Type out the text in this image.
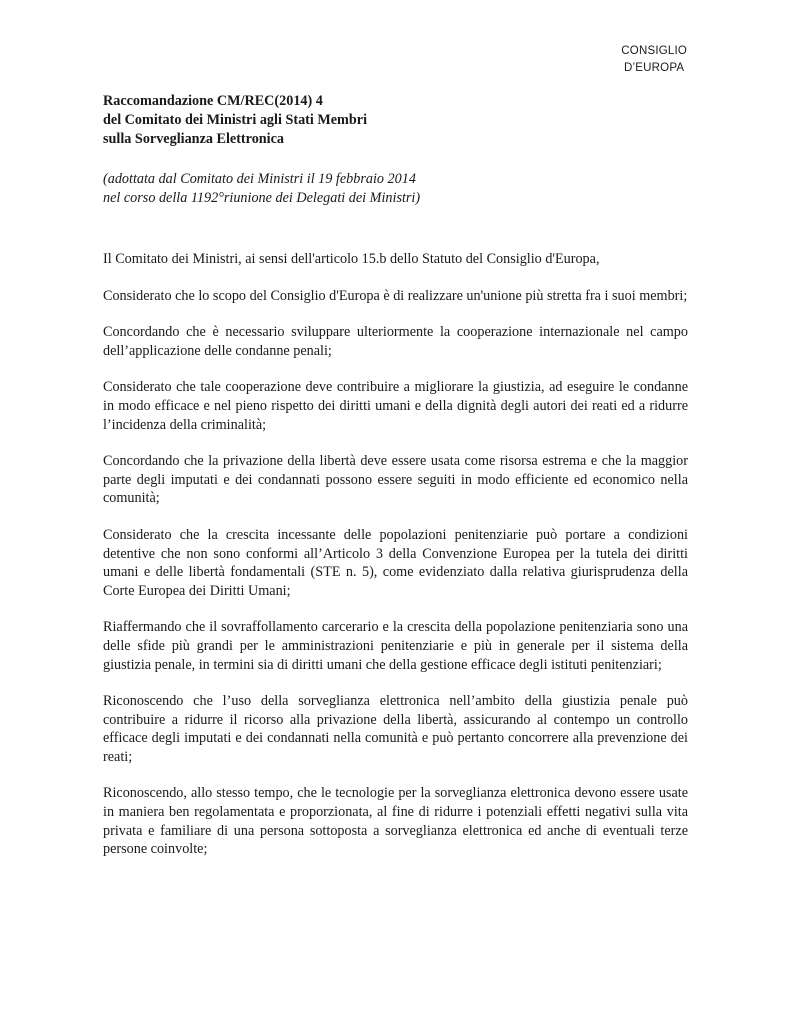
CONSIGLIO
D’EUROPA
Raccomandazione CM/REC(2014) 4
del Comitato dei Ministri agli Stati Membri
sulla Sorveglianza Elettronica
(adottata dal Comitato dei Ministri il 19 febbraio 2014
nel corso della 1192°riunione dei Delegati dei Ministri)

Il Comitato dei Ministri, ai sensi dell'articolo 15.b dello Statuto del Consiglio d'Europa,

Considerato che lo scopo del Consiglio d'Europa è di realizzare un'unione più stretta fra i suoi membri;

Concordando che è necessario sviluppare ulteriormente la cooperazione internazionale nel campo dell’applicazione delle condanne penali;

Considerato che tale cooperazione deve contribuire a migliorare la giustizia, ad eseguire le condanne in modo efficace e nel pieno rispetto dei diritti umani e della dignità degli autori dei reati ed a ridurre l’incidenza della criminalità;

Concordando che la privazione della libertà deve essere usata come risorsa estrema e che la maggior parte degli imputati e dei condannati possono essere seguiti in modo efficiente ed economico nella comunità;

Considerato che la crescita incessante delle popolazioni penitenziarie può portare a condizioni detentive che non sono conformi all’Articolo 3 della Convenzione Europea per la tutela dei diritti umani e delle libertà fondamentali (STE n. 5), come evidenziato dalla relativa giurisprudenza della Corte Europea dei Diritti Umani;

Riaffermando che il sovraffollamento carcerario e la crescita della popolazione penitenziaria sono una delle sfide più grandi per le amministrazioni penitenziarie e più in generale per il sistema della giustizia penale, in termini sia di diritti umani che della gestione efficace degli istituti penitenziari;

Riconoscendo che l’uso della sorveglianza elettronica nell’ambito della giustizia penale può contribuire a ridurre il ricorso alla privazione della libertà, assicurando al contempo un controllo efficace degli imputati e dei condannati nella comunità e può pertanto concorrere alla prevenzione dei reati;

Riconoscendo, allo stesso tempo, che le tecnologie per la sorveglianza elettronica devono essere usate in maniera ben regolamentata e proporzionata, al fine di ridurre i potenziali effetti negativi sulla vita privata e familiare di una persona sottoposta a sorveglianza elettronica ed anche di eventuali terze persone coinvolte;
